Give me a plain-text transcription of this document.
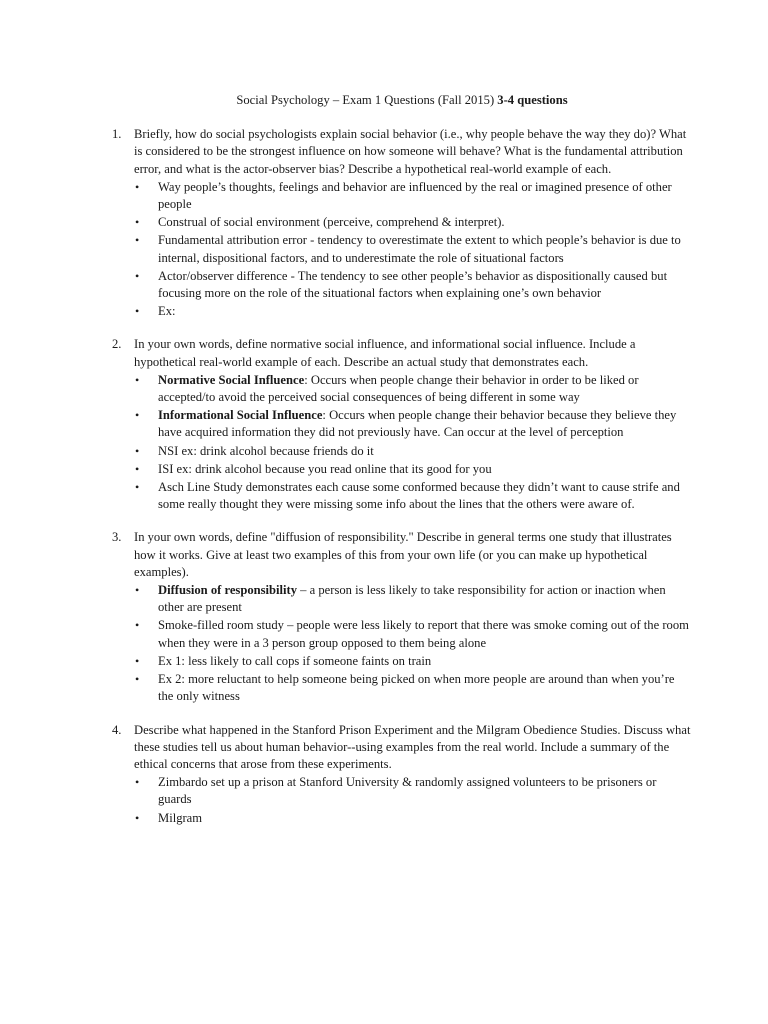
Social Psychology – Exam 1 Questions (Fall 2015) 3-4 questions
1. Briefly, how do social psychologists explain social behavior (i.e., why people behave the way they do)? What is considered to be the strongest influence on how someone will behave? What is the fundamental attribution error, and what is the actor-observer bias? Describe a hypothetical real-world example of each.
• Way people’s thoughts, feelings and behavior are influenced by the real or imagined presence of other people
• Construal of social environment (perceive, comprehend & interpret).
• Fundamental attribution error - tendency to overestimate the extent to which people’s behavior is due to internal, dispositional factors, and to underestimate the role of situational factors
• Actor/observer difference - The tendency to see other people’s behavior as dispositionally caused but focusing more on the role of the situational factors when explaining one’s own behavior
• Ex:
2. In your own words, define normative social influence, and informational social influence. Include a hypothetical real-world example of each. Describe an actual study that demonstrates each.
• Normative Social Influence: Occurs when people change their behavior in order to be liked or accepted/to avoid the perceived social consequences of being different in some way
• Informational Social Influence: Occurs when people change their behavior because they believe they have acquired information they did not previously have. Can occur at the level of perception
• NSI ex: drink alcohol because friends do it
• ISI ex: drink alcohol because you read online that its good for you
• Asch Line Study demonstrates each cause some conformed because they didn’t want to cause strife and some really thought they were missing some info about the lines that the others were aware of.
3. In your own words, define "diffusion of responsibility." Describe in general terms one study that illustrates how it works. Give at least two examples of this from your own life (or you can make up hypothetical examples).
• Diffusion of responsibility – a person is less likely to take responsibility for action or inaction when other are present
• Smoke-filled room study – people were less likely to report that there was smoke coming out of the room when they were in a 3 person group opposed to them being alone
• Ex 1: less likely to call cops if someone faints on train
• Ex 2: more reluctant to help someone being picked on when more people are around than when you’re the only witness
4. Describe what happened in the Stanford Prison Experiment and the Milgram Obedience Studies. Discuss what these studies tell us about human behavior--using examples from the real world. Include a summary of the ethical concerns that arose from these experiments.
• Zimbardo set up a prison at Stanford University & randomly assigned volunteers to be prisoners or guards
• Milgram
